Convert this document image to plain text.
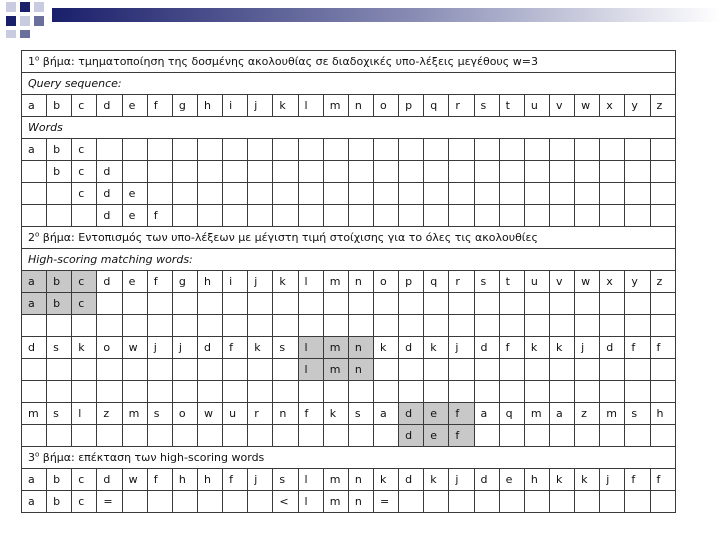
$1^o$ βήμα: τμηματοποίηση της δοσμένης ακολουθίας σε διαδοχικές υπο-λέξεις μεγέθους w=3																									
Query sequence:																									
a	b	c	d	e	f	g	h	i	j	k	l	m	n	o	p	q	r	s	t	u	v	w	x	y	z
Words																									
a	b	c																							
	b	c	d																						
		c	d	e																					
			d	e	f																				
$2^o$ βήμα: Εντοπισμός των υπο-λέξεων με μέγιστη τιμή στοίχισης για το όλες τις ακολουθίες																									
High-scoring matching words:																									
a	b	c	d	e	f	g	h	i	j	k	l	m	n	o	p	q	r	s	t	u	v	w	x	y	z
a	b	c																							

d	s	k	o	w	j	j	d	f	k	s	l	m	n	k	d	k	j	d	f	k	k	j	d	f	f
											l	m	n												

m	s	l	z	m	s	o	w	u	r	n	f	k	s	a	d	e	f	a	q	m	a	z	m	s	h
															d	e	f								
$3^o$ βήμα: επέκταση των high-scoring words																									
a	b	c	d	w	f	h	h	f	j	s	l	m	n	k	d	k	j	d	e	h	k	k	j	f	f
a	b	c	=							<	l	m	n	=											
